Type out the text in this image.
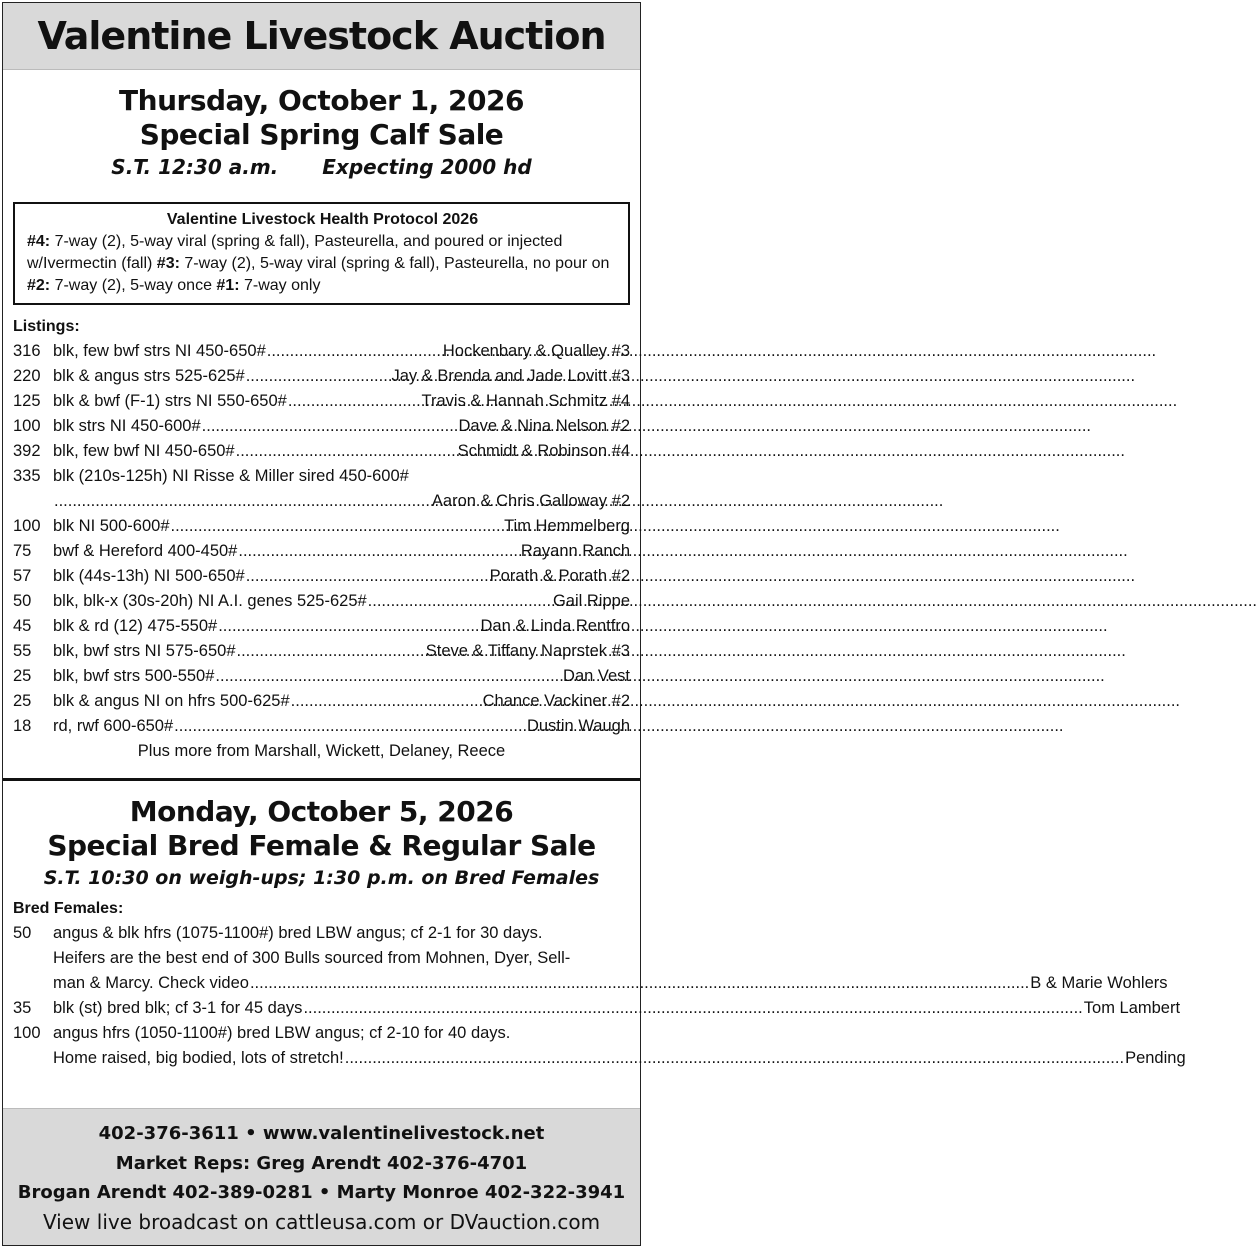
Valentine Livestock Auction
Thursday, October 1, 2026
Special Spring Calf Sale
S.T. 12:30 a.m. Expecting 2000 hd
Valentine Livestock Health Protocol 2026
#4: 7-way (2), 5-way viral (spring & fall), Pasteurella, and poured or injected w/Ivermectin (fall) #3: 7-way (2), 5-way viral (spring & fall), Pasteurella, no pour on #2: 7-way (2), 5-way once #1: 7-way only
Listings:
316 blk, few bwf strs NI 450-650# .....	Hockenbary & Qualley #3
220 blk & angus strs 525-625# .....	Jay & Brenda and Jade Lovitt #3
125 blk & bwf (F-1) strs NI 550-650# .....	Travis & Hannah Schmitz #4
100 blk strs NI 450-600# .....	Dave & Nina Nelson #2
392 blk, few bwf NI 450-650# .....	Schmidt & Robinson #4
335 blk (210s-125h) NI Risse & Miller sired 450-600#
.....
Aaron & Chris Galloway #2
100 blk NI 500-600# .....	Tim Hemmelberg
75	bwf & Hereford 400-450# .....	Rayann Ranch
57	blk (44s-13h) NI 500-650# .....	Porath & Porath #2
50	blk, blk-x (30s-20h) NI A.I. genes 525-625# .....	Gail Rippe
45	blk & rd (12) 475-550# .....	Dan & Linda Rentfro
55	blk, bwf strs NI 575-650# .....	Steve & Tiffany Naprstek #3
25	blk, bwf strs 500-550# .....	Dan Vest
25	blk & angus NI on hfrs 500-625# .....	Chance Vackiner #2
18	rd, rwf 600-650# .....	Dustin Waugh
Plus more from Marshall, Wickett, Delaney, Reece
Monday, October 5, 2026
Special Bred Female & Regular Sale
S.T. 10:30 on weigh-ups; 1:30 p.m. on Bred Females
Bred Females:
50	angus & blk hfrs (1075-1100#) bred LBW angus; cf 2-1 for 30 days.
Heifers are the best end of 300 Bulls sourced from Mohnen, Dyer, Sell-
man & Marcy. Check video .....	B & Marie Wohlers
35	blk (st) bred blk; cf 3-1 for 45 days .....	Tom Lambert
100 angus hfrs (1050-1100#) bred LBW angus; cf 2-10 for 40 days.
Home raised, big bodied, lots of stretch! .....	Pending
402-376-3611 • www.valentinelivestock.net
Market Reps: Greg Arendt 402-376-4701
Brogan Arendt 402-389-0281 • Marty Monroe 402-322-3941
View live broadcast on cattleusa.com or DVauction.com
